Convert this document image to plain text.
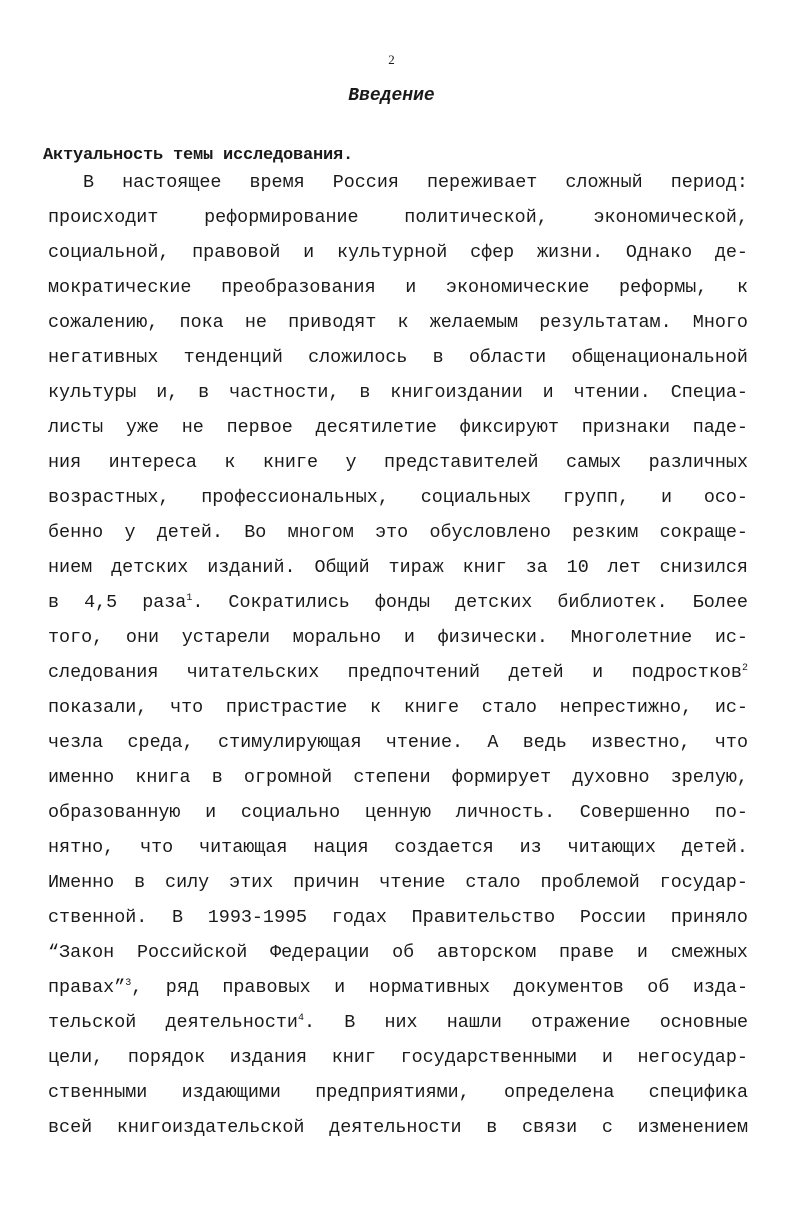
2
Введение
Актуальность темы исследования.
В настоящее время Россия переживает сложный период:
происходит реформирование политической, экономической,
социальной, правовой и культурной сфер жизни. Однако де-
мократические преобразования и экономические реформы, к
сожалению, пока не приводят к желаемым результатам. Много
негативных тенденций сложилось в области общенациональной
культуры и, в частности, в книгоиздании и чтении. Специа-
листы уже не первое десятилетие фиксируют признаки паде-
ния интереса к книге у представителей самых различных
возрастных, профессиональных, социальных групп, и осо-
бенно у детей. Во многом это обусловлено резким сокраще-
нием детских изданий. Общий тираж книг за 10 лет снизился
в 4,5 раза$^1$. Сократились фонды детских библиотек. Более
того, они устарели морально и физически. Многолетние ис-
следования читательских предпочтений детей и подростков$^2$
показали, что пристрастие к книге стало непрестижно, ис-
чезла среда, стимулирующая чтение. А ведь известно, что
именно книга в огромной степени формирует духовно зрелую,
образованную и социально ценную личность. Совершенно по-
нятно, что читающая нация создается из читающих детей.
Именно в силу этих причин чтение стало проблемой государ-
ственной. В 1993-1995 годах Правительство России приняло
“Закон Российской Федерации об авторском праве и смежных
правах”$^3$, ряд правовых и нормативных документов об изда-
тельской деятельности$^4$. В них нашли отражение основные
цели, порядок издания книг государственными и негосудар-
ственными издающими предприятиями, определена специфика
всей книгоиздательской деятельности в связи с изменением
